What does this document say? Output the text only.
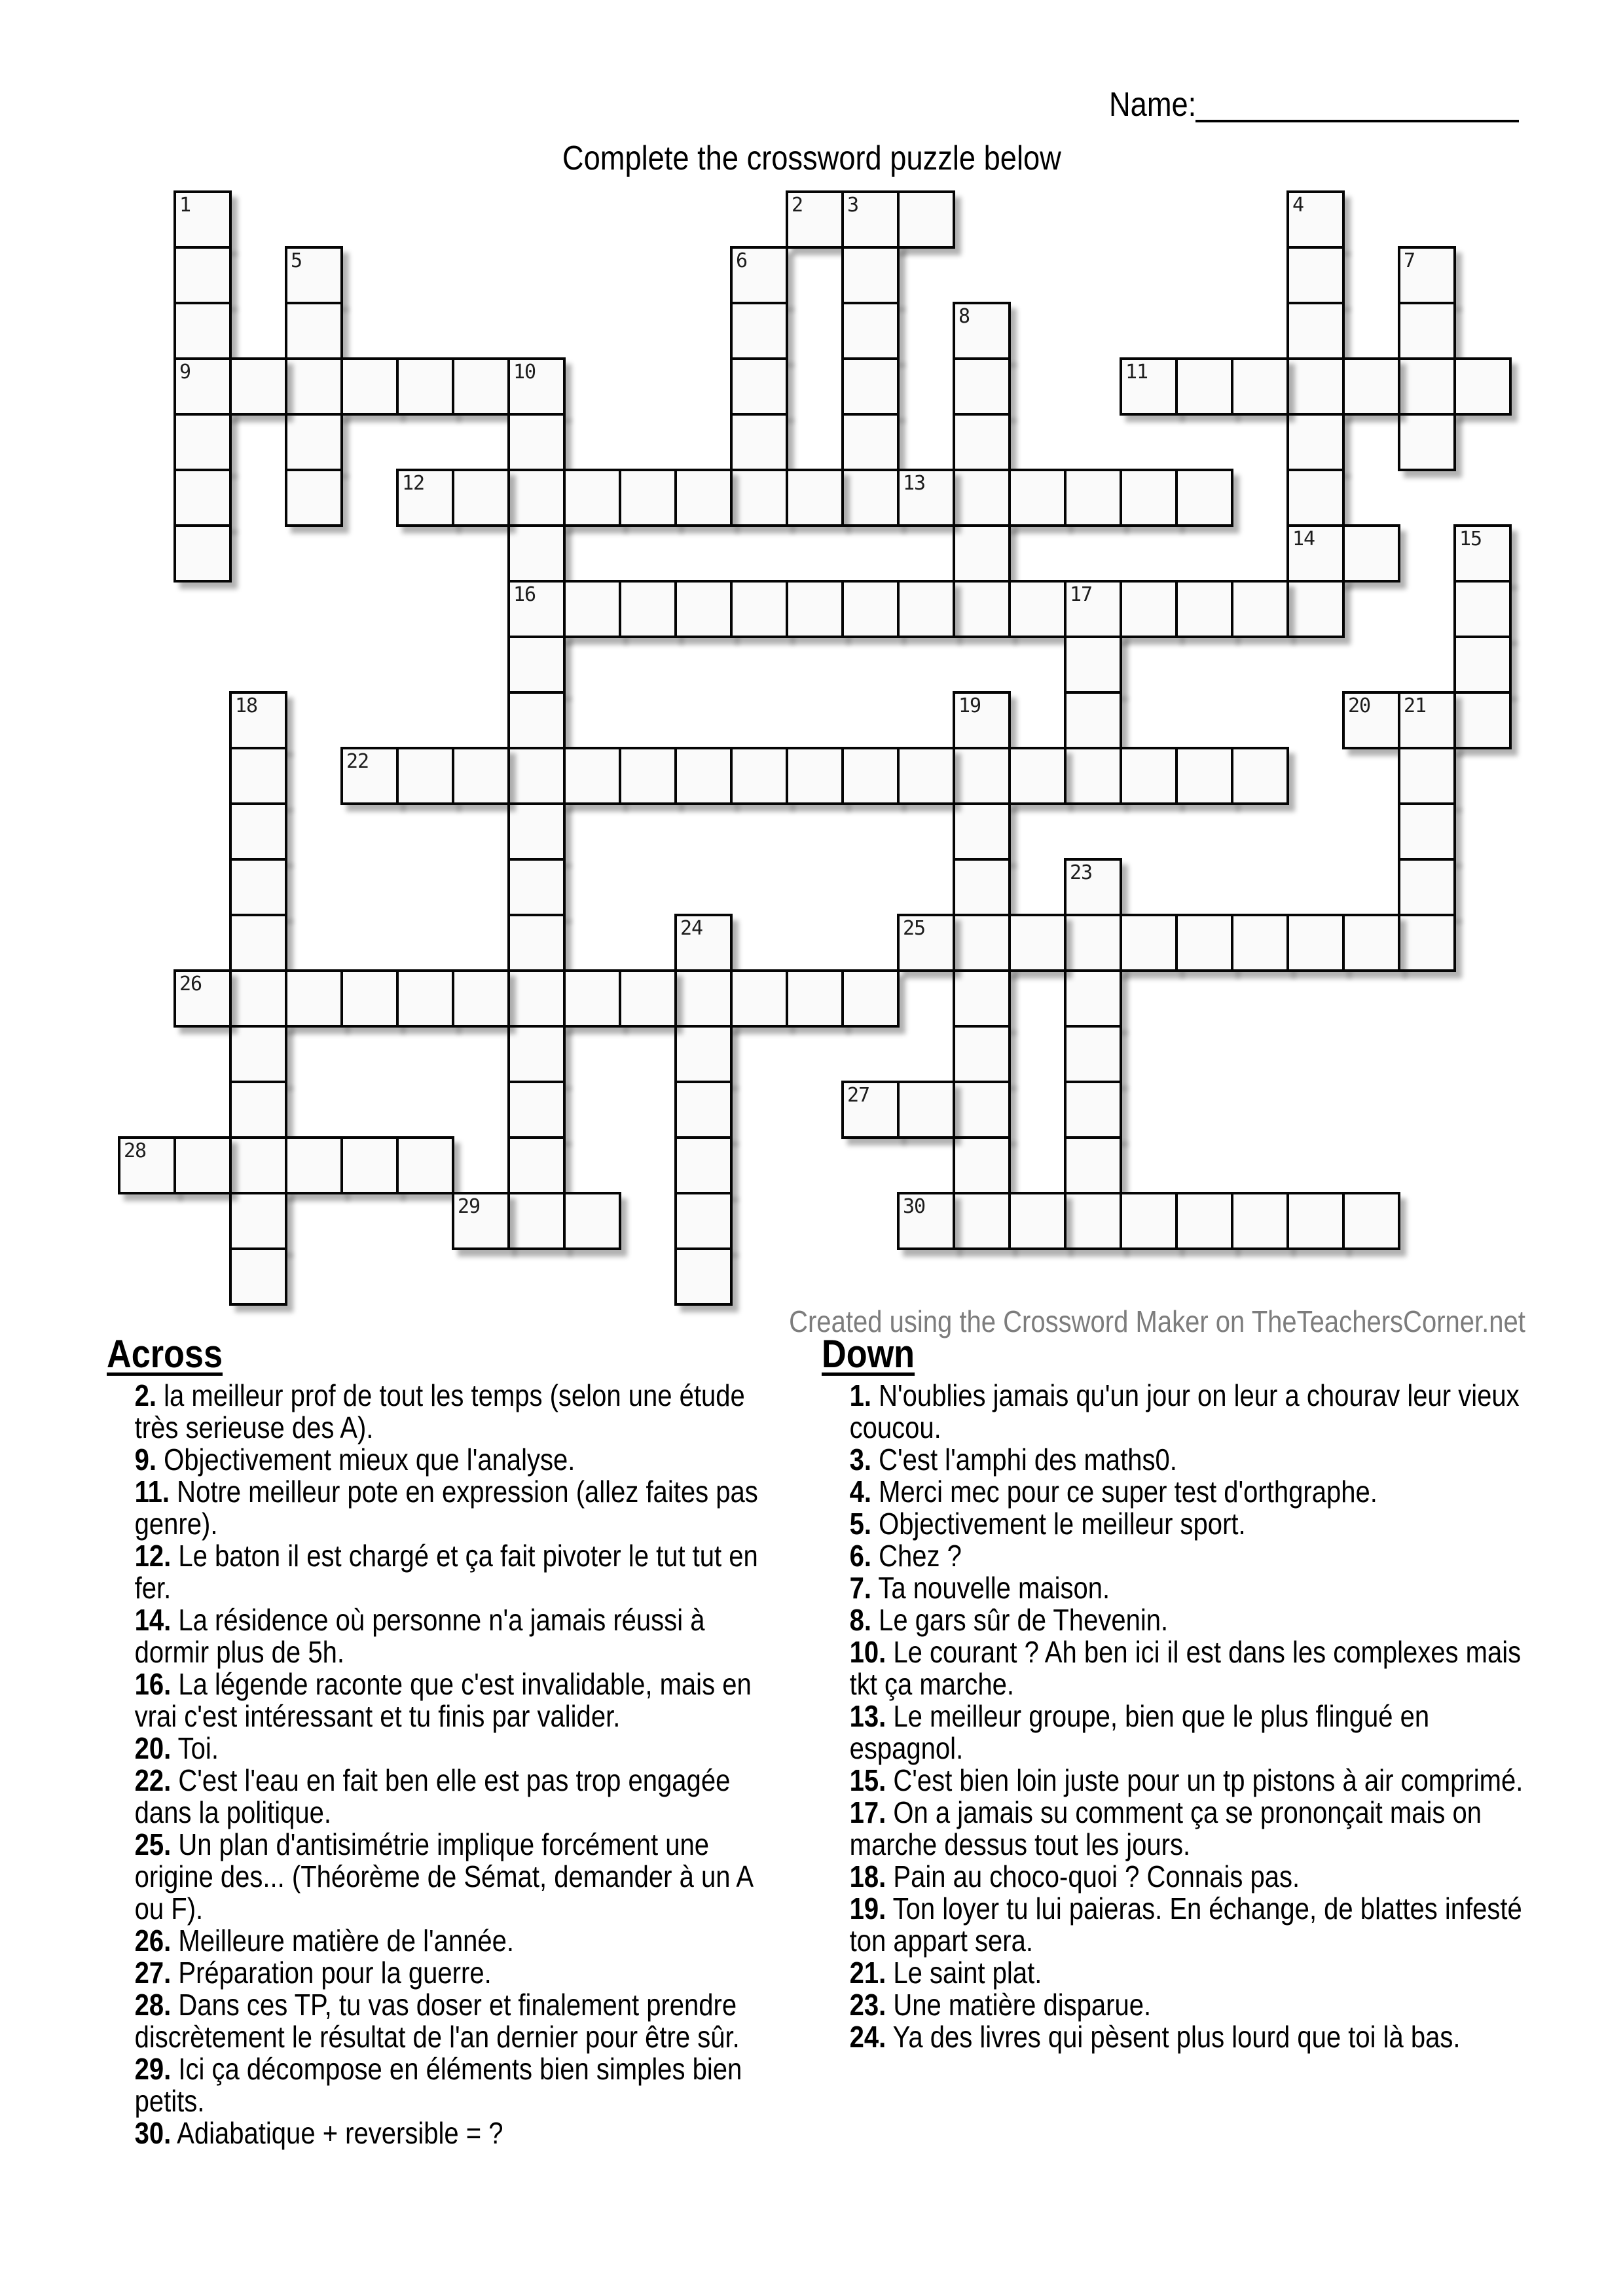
Name:
Complete the crossword puzzle below
1
9
2 3	4
14
5	6	7
8
10
16
11
12	13
15
17
18	19	20 21
22
23
24	25
26
27
28
29	30
Created using the Crossword Maker on TheTeachersCorner.net
Across
2. la meilleur prof de tout les temps (selon une étude très serieuse des A).
9. Objectivement mieux que l'analyse.
11. Notre meilleur pote en expression (allez faites pas genre).
12. Le baton il est chargé et ça fait pivoter le tut tut en fer.
14. La résidence où personne n'a jamais réussi à dormir plus de 5h.
16. La légende raconte que c'est invalidable, mais en vrai c'est intéressant et tu finis par valider.
20. Toi.
22. C'est l'eau en fait ben elle est pas trop engagée dans la politique.
25. Un plan d'antisimétrie implique forcément une origine des... (Théorème de Sémat, demander à un A ou F).
26. Meilleure matière de l'année.
27. Préparation pour la guerre.
28. Dans ces TP, tu vas doser et finalement prendre discrètement le résultat de l'an dernier pour être sûr.
29. Ici ça décompose en éléments bien simples bien petits.
30. Adiabatique + reversible = ?
Down
1. N'oublies jamais qu'un jour on leur a chourav leur vieux coucou.
3. C'est l'amphi des maths0.
4. Merci mec pour ce super test d'orthgraphe.
5. Objectivement le meilleur sport.
6. Chez ?
7. Ta nouvelle maison.
8. Le gars sûr de Thevenin.
10. Le courant ? Ah ben ici il est dans les complexes mais tkt ça marche.
13. Le meilleur groupe, bien que le plus flingué en espagnol.
15. C'est bien loin juste pour un tp pistons à air comprimé.
17. On a jamais su comment ça se prononçait mais on marche dessus tout les jours.
18. Pain au choco-quoi ? Connais pas.
19. Ton loyer tu lui paieras. En échange, de blattes infesté ton appart sera.
21. Le saint plat.
23. Une matière disparue.
24. Ya des livres qui pèsent plus lourd que toi là bas.
